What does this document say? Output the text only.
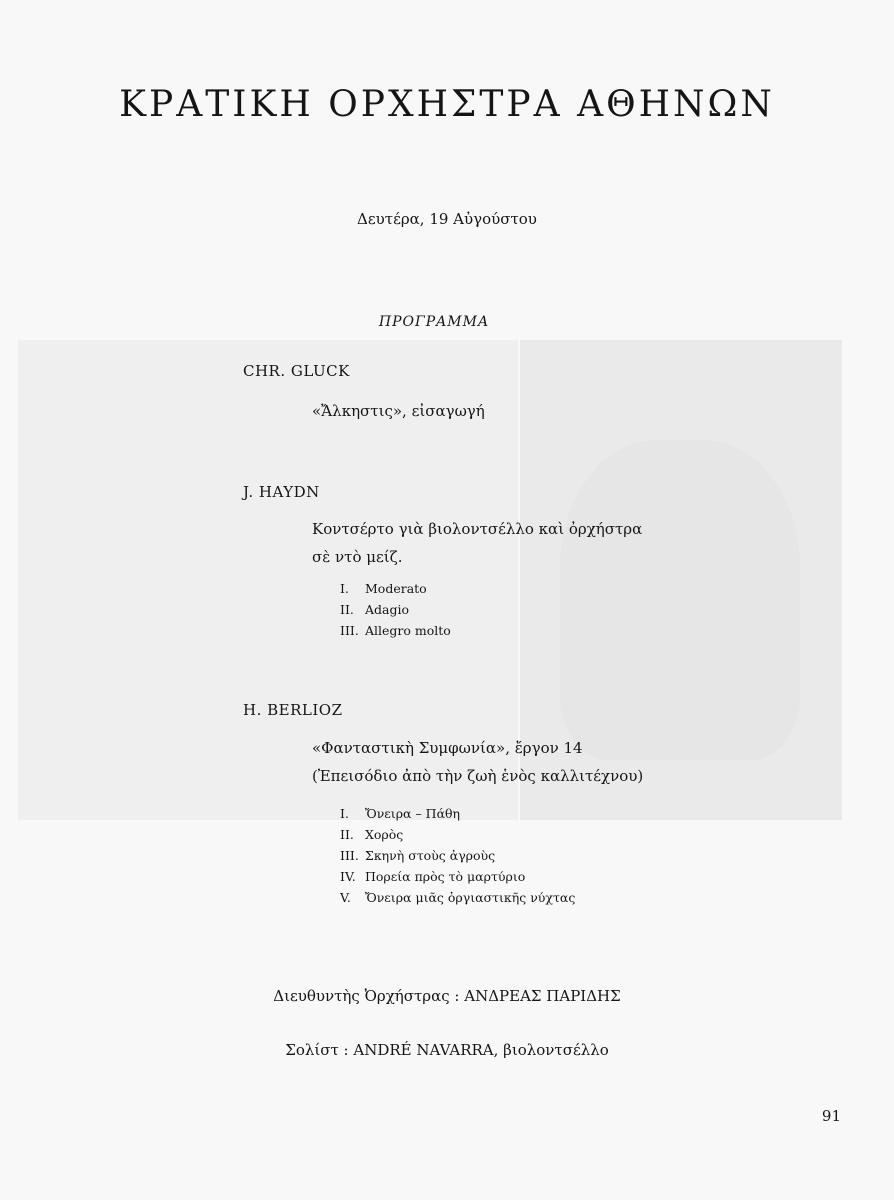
ΚΡΑΤΙΚΗ ΟΡΧΗΣΤΡΑ ΑΘΗΝΩΝ
Δευτέρα, 19 Αὐγούστου
ΠΡΟΓΡΑΜΜΑ
CHR. GLUCK
«Ἄλκηστις», εἰσαγωγή
J. HAYDN
Κοντσέρτο γιὰ βιολοντσέλλο καὶ ὀρχήστρα
σὲ ντὸ μείζ.
I.	Moderato
II. Adagio
III. Allegro molto
H. BERLIOZ
«Φανταστικὴ Συμφωνία», ἔργον 14
(Ἐπεισόδιο ἀπὸ τὴν ζωὴ ἑνὸς καλλιτέχνου)
I.	Ὄνειρα – Πάθη
II. Χορὸς
III. Σκηνὴ στοὺς ἀγροὺς
IV. Πορεία πρὸς τὸ μαρτύριο
V.	Ὄνειρα μιᾶς ὀργιαστικῆς νύχτας
Διευθυντὴς Ὀρχήστρας : ΑΝΔΡΕΑΣ ΠΑΡΙΔΗΣ
Σολίστ : ANDRÉ NAVARRA, βιολοντσέλλο
91
